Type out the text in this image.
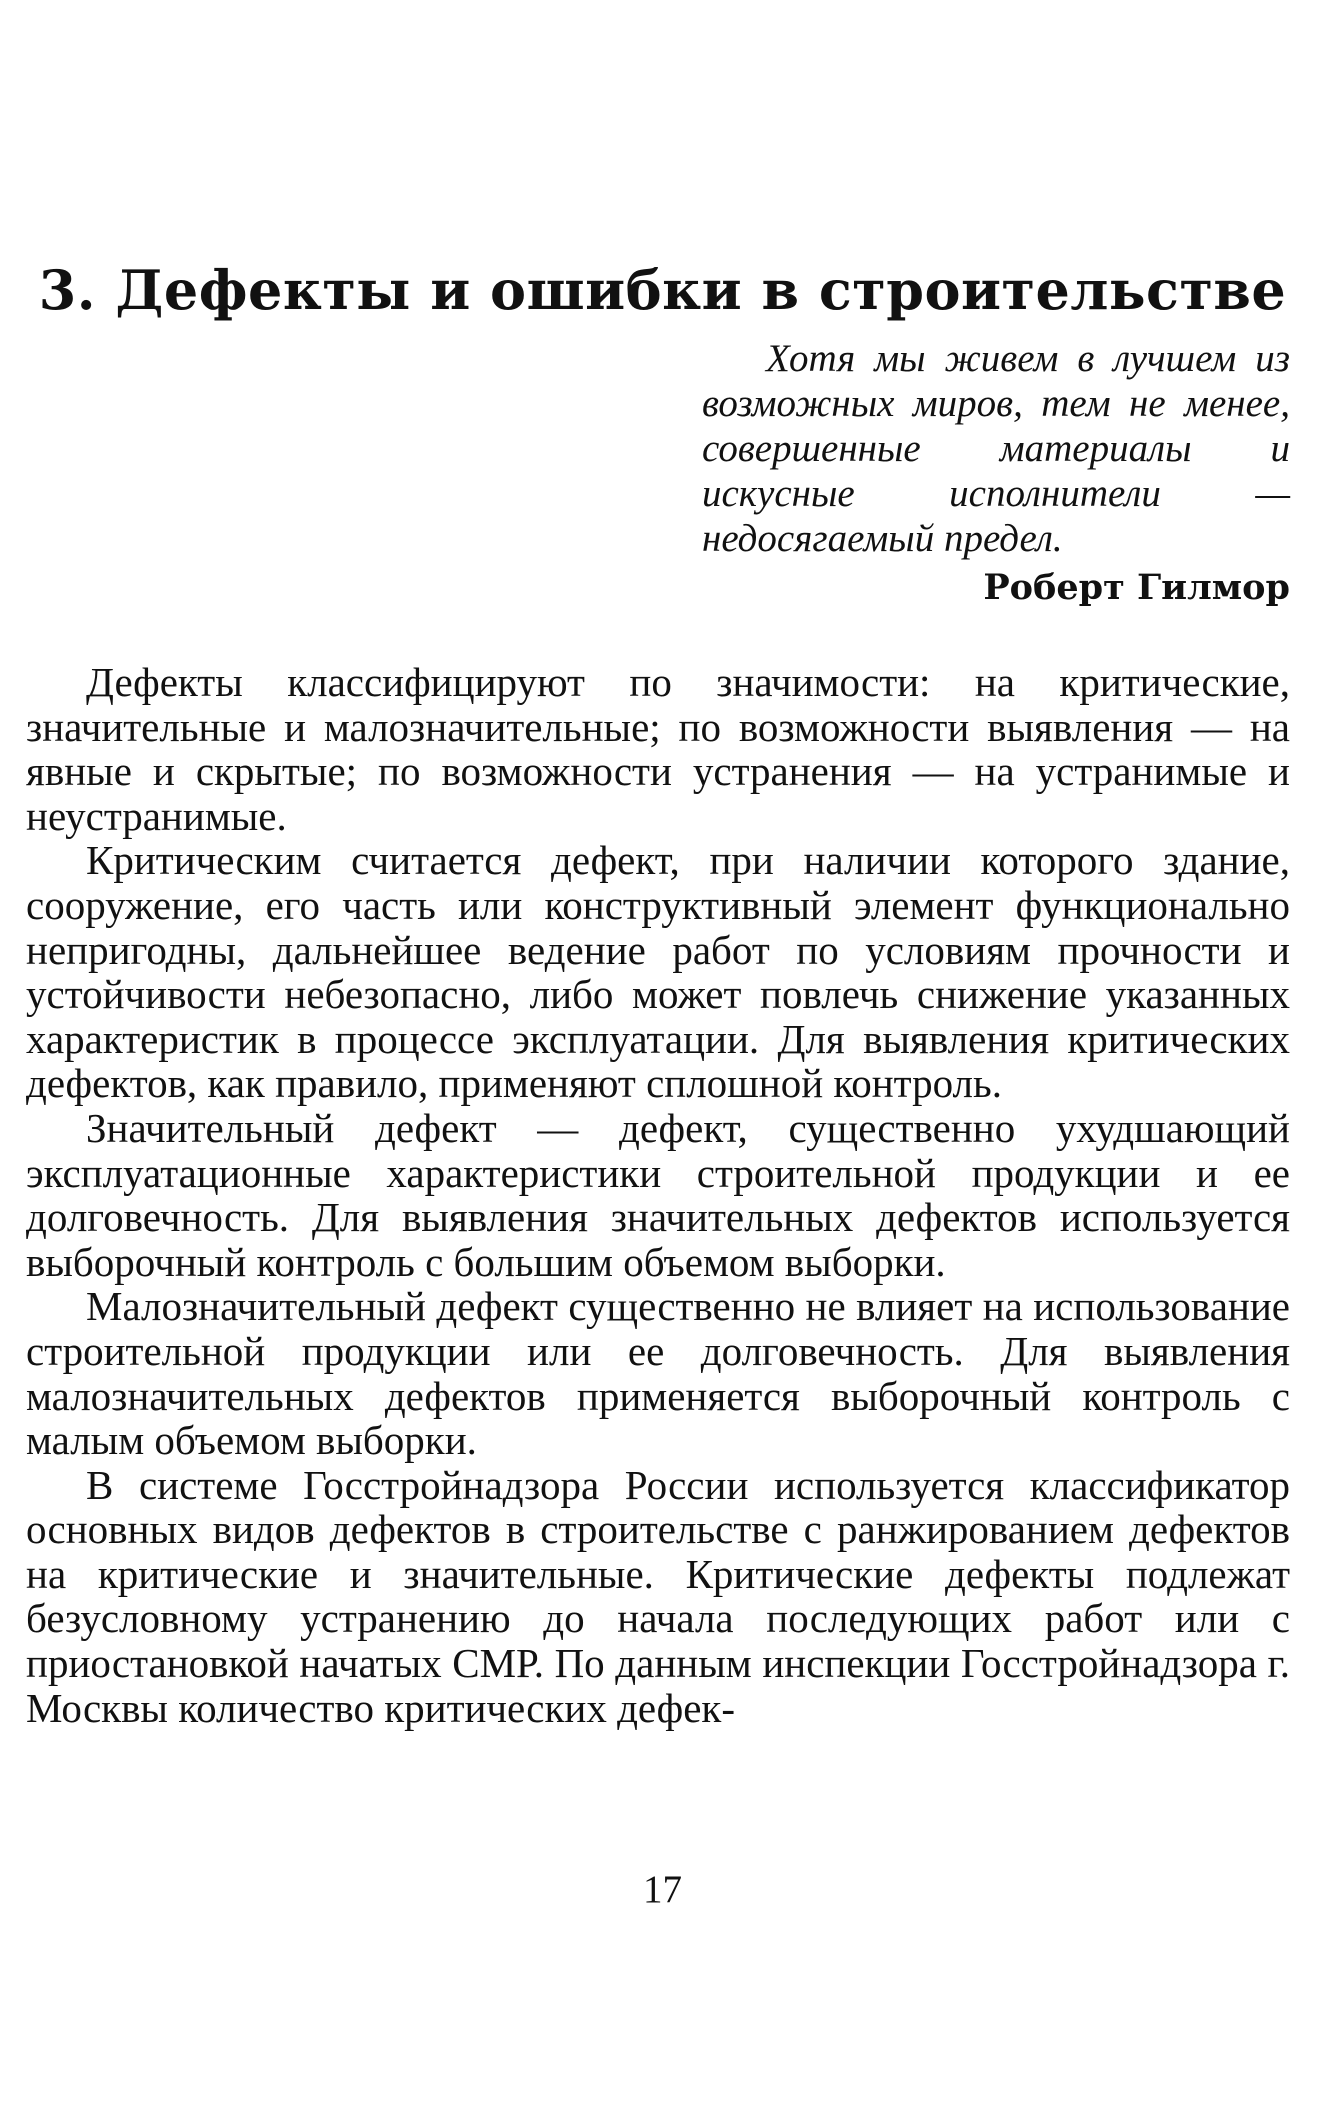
3. Дефекты и ошибки в строительстве

Хотя мы живем в лучшем из возможных миров, тем не менее, совершенные материалы и искусные исполнители — недосягаемый предел.

Роберт Гилмор

Дефекты классифицируют по значимости: на критические, значительные и малозначительные; по возможности выявления — на явные и скрытые; по возможности устранения — на устранимые и неустранимые.

Критическим считается дефект, при наличии которого здание, сооружение, его часть или конструктивный элемент функционально непригодны, дальнейшее ведение работ по условиям прочности и устойчивости небезопасно, либо может повлечь снижение указанных характеристик в процессе эксплуатации. Для выявления критических дефектов, как правило, применяют сплошной контроль.

Значительный дефект — дефект, существенно ухудшающий эксплуатационные характеристики строительной продукции и ее долговечность. Для выявления значительных дефектов используется выборочный контроль с большим объемом выборки.

Малозначительный дефект существенно не влияет на использование строительной продукции или ее долговечность. Для выявления малозначительных дефектов применяется выборочный контроль с малым объемом выборки.

В системе Госстройнадзора России используется классификатор основных видов дефектов в строительстве с ранжированием дефектов на критические и значительные. Критические дефекты подлежат безусловному устранению до начала последующих работ или с приостановкой начатых СМР. По данным инспекции Госстройнадзора г. Москвы количество критических дефек-

17
